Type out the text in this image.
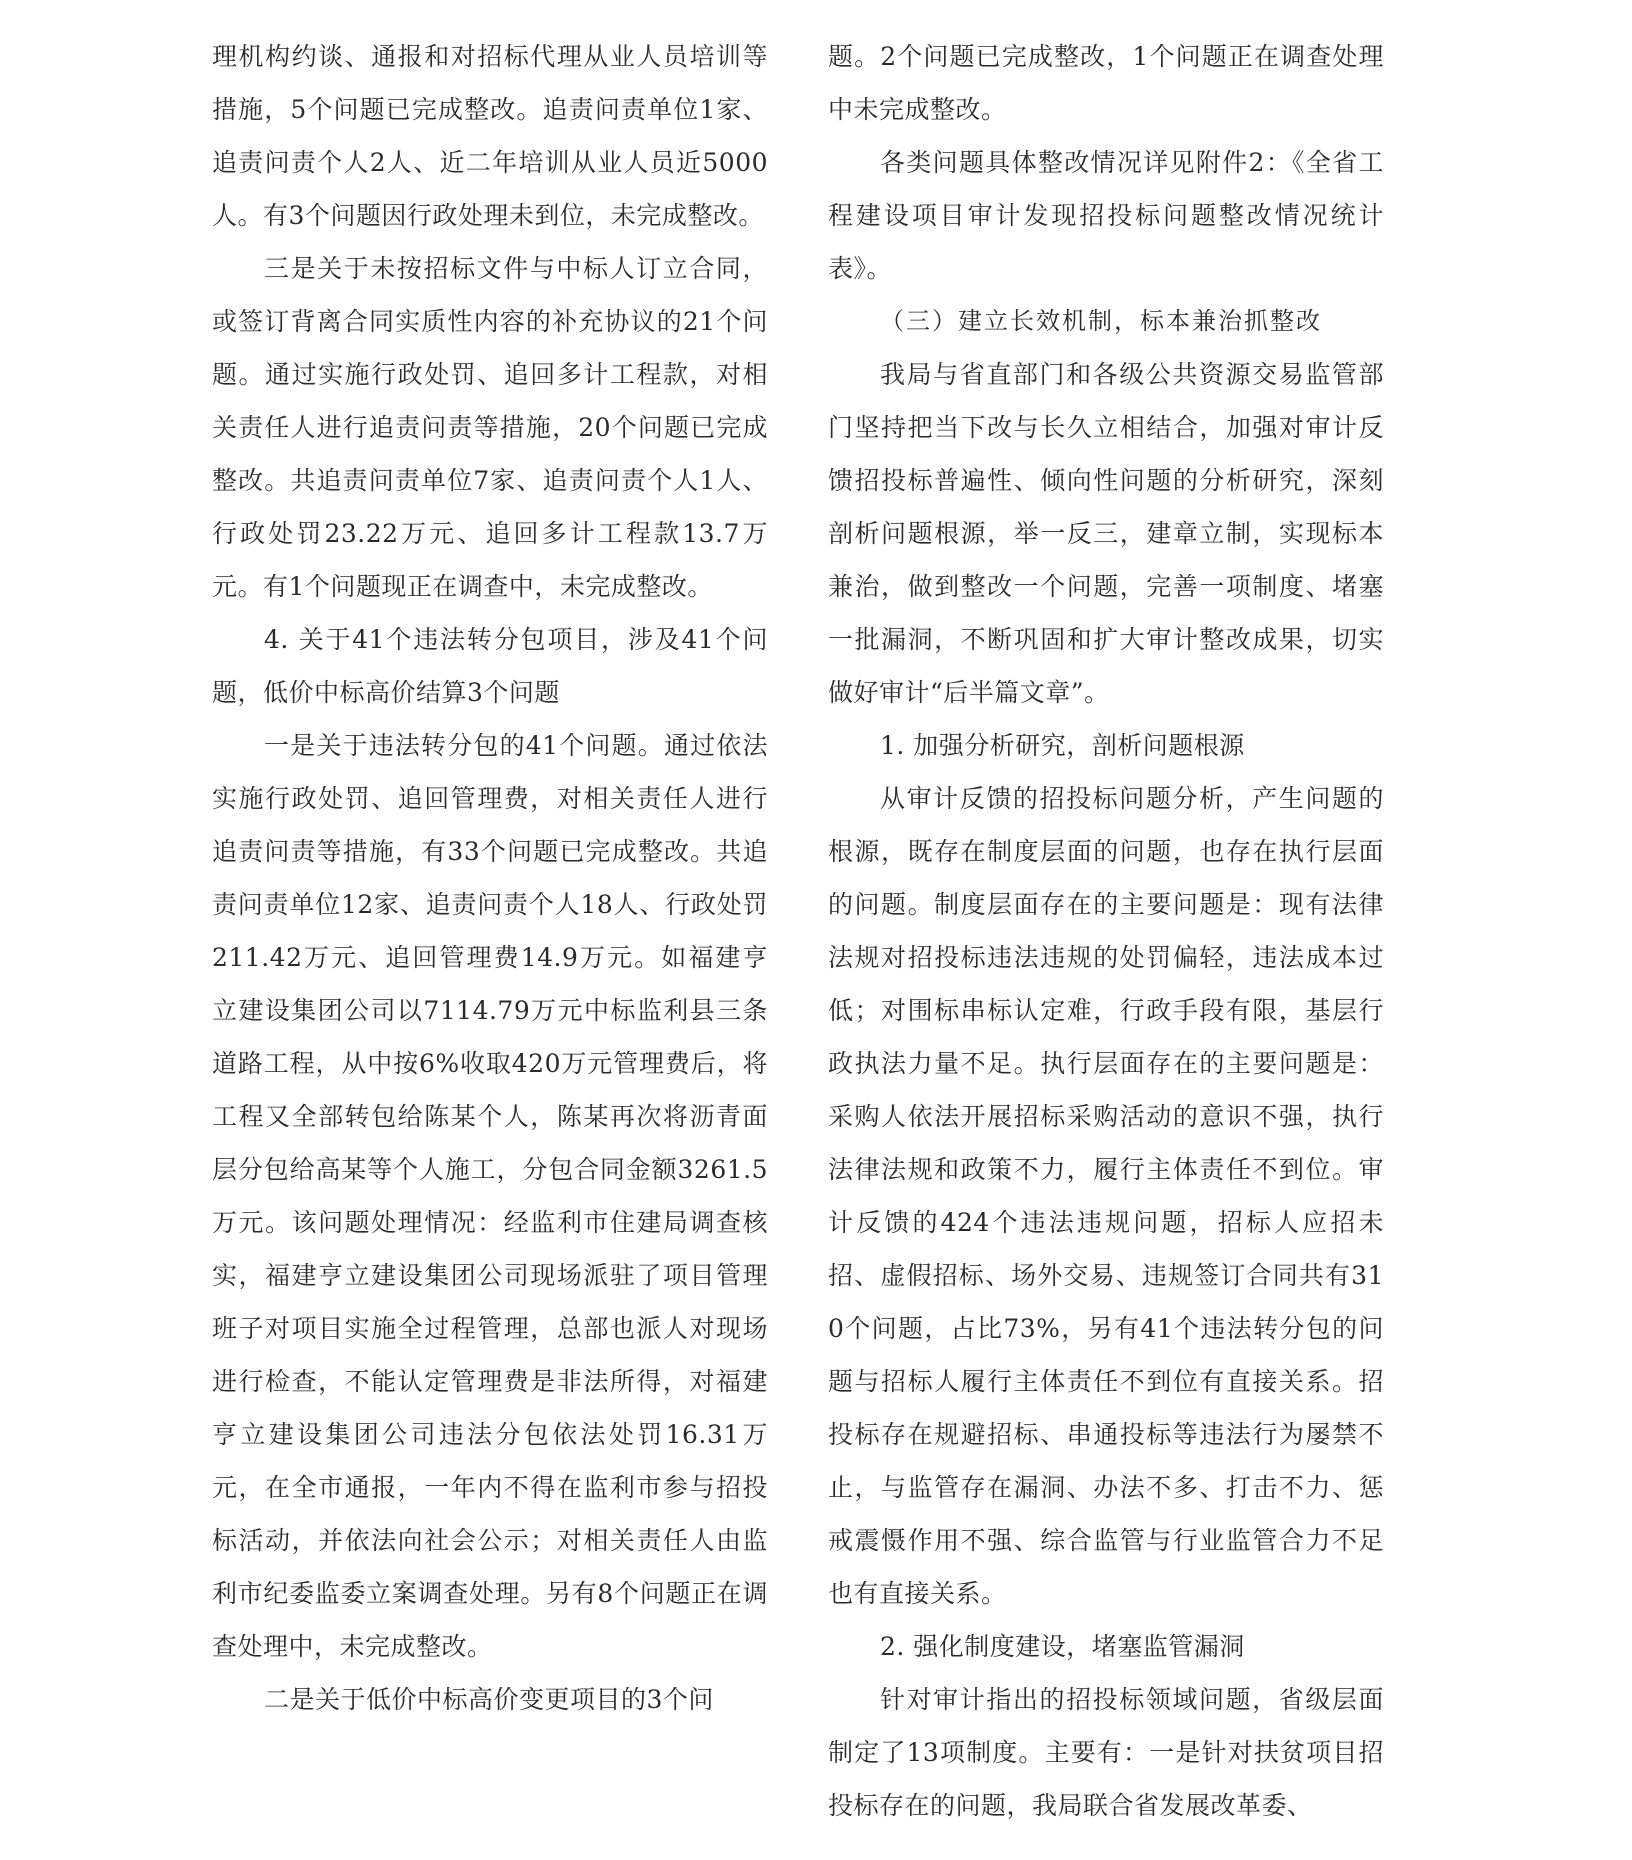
理机构约谈、通报和对招标代理从业人员培训等措施，5个问题已完成整改。追责问责单位1家、追责问责个人2人、近二年培训从业人员近5000人。有3个问题因行政处理未到位，未完成整改。

三是关于未按招标文件与中标人订立合同，或签订背离合同实质性内容的补充协议的21个问题。通过实施行政处罚、追回多计工程款，对相关责任人进行追责问责等措施，20个问题已完成整改。共追责问责单位7家、追责问责个人1人、行政处罚23.22万元、追回多计工程款13.7万元。有1个问题现正在调查中，未完成整改。

4. 关于41个违法转分包项目，涉及41个问题，低价中标高价结算3个问题

一是关于违法转分包的41个问题。通过依法实施行政处罚、追回管理费，对相关责任人进行追责问责等措施，有33个问题已完成整改。共追责问责单位12家、追责问责个人18人、行政处罚211.42万元、追回管理费14.9万元。如福建亨立建设集团公司以7114.79万元中标监利县三条道路工程，从中按6%收取420万元管理费后，将工程又全部转包给陈某个人，陈某再次将沥青面层分包给高某等个人施工，分包合同金额3261.5万元。该问题处理情况：经监利市住建局调查核实，福建亨立建设集团公司现场派驻了项目管理班子对项目实施全过程管理，总部也派人对现场进行检查，不能认定管理费是非法所得，对福建亨立建设集团公司违法分包依法处罚16.31万元，在全市通报，一年内不得在监利市参与招投标活动，并依法向社会公示；对相关责任人由监利市纪委监委立案调查处理。另有8个问题正在调查处理中，未完成整改。

二是关于低价中标高价变更项目的3个问

题。2个问题已完成整改，1个问题正在调查处理中未完成整改。

各类问题具体整改情况详见附件2：《全省工程建设项目审计发现招投标问题整改情况统计表》。

（三）建立长效机制，标本兼治抓整改

我局与省直部门和各级公共资源交易监管部门坚持把当下改与长久立相结合，加强对审计反馈招投标普遍性、倾向性问题的分析研究，深刻剖析问题根源，举一反三，建章立制，实现标本兼治，做到整改一个问题，完善一项制度、堵塞一批漏洞，不断巩固和扩大审计整改成果，切实做好审计“后半篇文章”。

1. 加强分析研究，剖析问题根源

从审计反馈的招投标问题分析，产生问题的根源，既存在制度层面的问题，也存在执行层面的问题。制度层面存在的主要问题是：现有法律法规对招投标违法违规的处罚偏轻，违法成本过低；对围标串标认定难，行政手段有限，基层行政执法力量不足。执行层面存在的主要问题是：采购人依法开展招标采购活动的意识不强，执行法律法规和政策不力，履行主体责任不到位。审计反馈的424个违法违规问题，招标人应招未招、虚假招标、场外交易、违规签订合同共有310个问题，占比73%，另有41个违法转分包的问题与招标人履行主体责任不到位有直接关系。招投标存在规避招标、串通投标等违法行为屡禁不止，与监管存在漏洞、办法不多、打击不力、惩戒震慑作用不强、综合监管与行业监管合力不足也有直接关系。

2. 强化制度建设，堵塞监管漏洞

针对审计指出的招投标领域问题，省级层面制定了13项制度。主要有：一是针对扶贫项目招投标存在的问题，我局联合省发展改革委、
